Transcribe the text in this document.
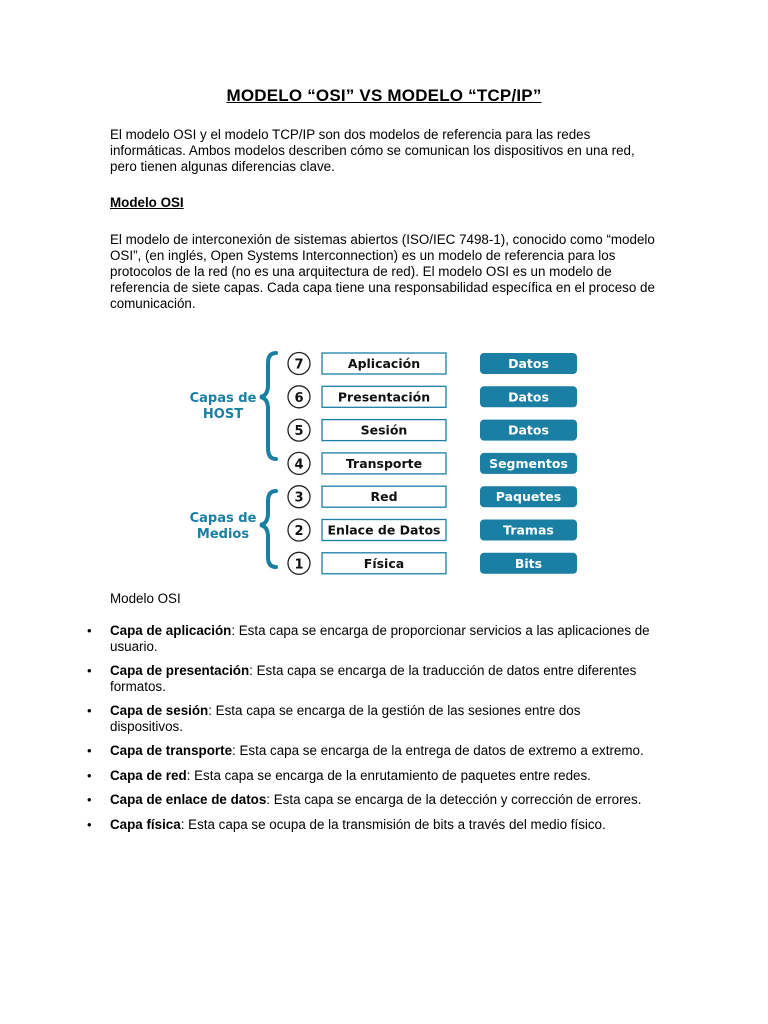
MODELO “OSI” VS MODELO “TCP/IP”

El modelo OSI y el modelo TCP/IP son dos modelos de referencia para las redes informáticas. Ambos modelos describen cómo se comunican los dispositivos en una red, pero tienen algunas diferencias clave.

Modelo OSI

El modelo de interconexión de sistemas abiertos (ISO/IEC 7498-1), conocido como “modelo OSI”, (en inglés, Open Systems Interconnection) es un modelo de referencia para los protocolos de la red (no es una arquitectura de red). El modelo OSI es un modelo de referencia de siete capas. Cada capa tiene una responsabilidad específica en el proceso de comunicación.

7	Aplicación	Datos
6	Presentación	Datos
5	Sesión	Datos
4	Transporte	Segmentos
3	Red	Paquetes
2 Enlace de Datos	Tramas
1	Física	Bits
Capas de
HOST
Capas de
Medios
Modelo OSI
• Capa de aplicación: Esta capa se encarga de proporcionar servicios a las aplicaciones de usuario.
• Capa de presentación: Esta capa se encarga de la traducción de datos entre diferentes formatos.
• Capa de sesión: Esta capa se encarga de la gestión de las sesiones entre dos dispositivos.
• Capa de transporte: Esta capa se encarga de la entrega de datos de extremo a extremo.
• Capa de red: Esta capa se encarga de la enrutamiento de paquetes entre redes.
• Capa de enlace de datos: Esta capa se encarga de la detección y corrección de errores.
• Capa física: Esta capa se ocupa de la transmisión de bits a través del medio físico.
